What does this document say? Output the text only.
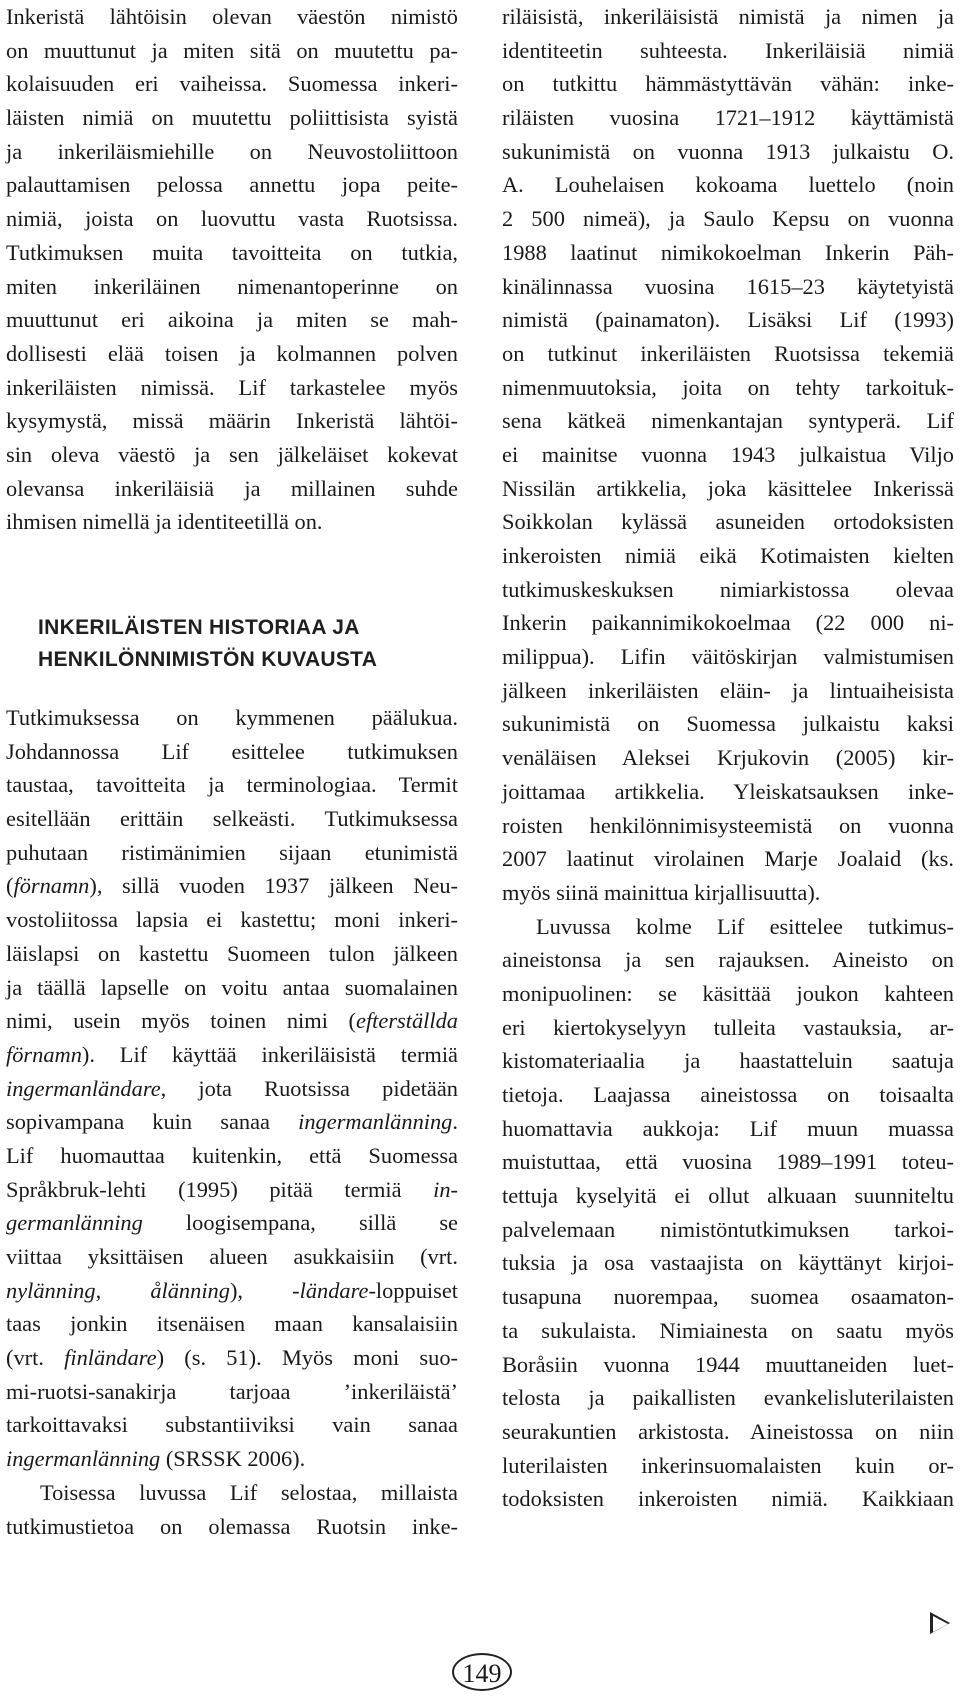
Inkeristä lähtöisin olevan väestön nimistö
on muuttunut ja miten sitä on muutettu pa-
kolaisuuden eri vaiheissa. Suomessa inkeri-
läisten nimiä on muutettu poliittisista syistä
ja inkeriläismiehille on Neuvostoliittoon
palauttamisen pelossa annettu jopa peite-
nimiä, joista on luovuttu vasta Ruotsissa.
Tutkimuksen muita tavoitteita on tutkia,
miten inkeriläinen nimenantoperinne on
muuttunut eri aikoina ja miten se mah-
dollisesti elää toisen ja kolmannen polven
inkeriläisten nimissä. Lif tarkastelee myös
kysymystä, missä määrin Inkeristä lähtöi-
sin oleva väestö ja sen jälkeläiset kokevat
olevansa inkeriläisiä ja millainen suhde
ihmisen nimellä ja identiteetillä on.
INKERILÄISTEN HISTORIAA JA
HENKILÖNNIMISTÖN KUVAUSTA
Tutkimuksessa on kymmenen päälukua.
Johdannossa Lif esittelee tutkimuksen
taustaa, tavoitteita ja terminologiaa. Termit
esitellään erittäin selkeästi. Tutkimuksessa
puhutaan ristimänimien sijaan etunimistä
(förnamn), sillä vuoden 1937 jälkeen Neu-
vostoliitossa lapsia ei kastettu; moni inkeri-
läislapsi on kastettu Suomeen tulon jälkeen
ja täällä lapselle on voitu antaa suomalainen
nimi, usein myös toinen nimi (efterställda
förnamn). Lif käyttää inkeriläisistä termiä
ingermanländare, jota Ruotsissa pidetään
sopivampana kuin sanaa ingermanlänning.
Lif huomauttaa kuitenkin, että Suomessa
Språkbruk-lehti (1995) pitää termiä in-
germanlänning loogisempana, sillä se
viittaa yksittäisen alueen asukkaisiin (vrt.
nylänning, ålänning), -ländare-loppuiset
taas jonkin itsenäisen maan kansalaisiin
(vrt. finländare) (s. 51). Myös moni suo-
mi-ruotsi-sanakirja tarjoaa ’inkeriläistä’
tarkoittavaksi substantiiviksi vain sanaa
ingermanlänning (SRSSK 2006).
Toisessa luvussa Lif selostaa, millaista
tutkimustietoa on olemassa Ruotsin inke-
riläisistä, inkeriläisistä nimistä ja nimen ja
identiteetin suhteesta. Inkeriläisiä nimiä
on tutkittu hämmästyttävän vähän: inke-
riläisten vuosina 1721–1912 käyttämistä
sukunimistä on vuonna 1913 julkaistu O.
A. Louhelaisen kokoama luettelo (noin
2 500 nimeä), ja Saulo Kepsu on vuonna
1988 laatinut nimikokoelman Inkerin Päh-
kinälinnassa vuosina 1615–23 käytetyistä
nimistä (painamaton). Lisäksi Lif (1993)
on tutkinut inkeriläisten Ruotsissa tekemiä
nimenmuutoksia, joita on tehty tarkoituk-
sena kätkeä nimenkantajan syntyperä. Lif
ei mainitse vuonna 1943 julkaistua Viljo
Nissilän artikkelia, joka käsittelee Inkerissä
Soikkolan kylässä asuneiden ortodoksisten
inkeroisten nimiä eikä Kotimaisten kielten
tutkimuskeskuksen nimiarkistossa olevaa
Inkerin paikannimikokoelmaa (22 000 ni-
milippua). Lifin väitöskirjan valmistumisen
jälkeen inkeriläisten eläin- ja lintuaiheisista
sukunimistä on Suomessa julkaistu kaksi
venäläisen Aleksei Krjukovin (2005) kir-
joittamaa artikkelia. Yleiskatsauksen inke-
roisten henkilönnimisysteemistä on vuonna
2007 laatinut virolainen Marje Joalaid (ks.
myös siinä mainittua kirjallisuutta).
Luvussa kolme Lif esittelee tutkimus-
aineistonsa ja sen rajauksen. Aineisto on
monipuolinen: se käsittää joukon kahteen
eri kiertokyselyyn tulleita vastauksia, ar-
kistomateriaalia ja haastatteluin saatuja
tietoja. Laajassa aineistossa on toisaalta
huomattavia aukkoja: Lif muun muassa
muistuttaa, että vuosina 1989–1991 toteu-
tettuja kyselyitä ei ollut alkuaan suunniteltu
palvelemaan nimistöntutkimuksen tarkoi-
tuksia ja osa vastaajista on käyttänyt kirjoi-
tusapuna nuorempaa, suomea osaamaton-
ta sukulaista. Nimiainesta on saatu myös
Boråsiin vuonna 1944 muuttaneiden luet-
telosta ja paikallisten evankelisluterilaisten
seurakuntien arkistosta. Aineistossa on niin
luterilaisten inkerinsuomalaisten kuin or-
todoksisten inkeroisten nimiä. Kaikkiaan
149
